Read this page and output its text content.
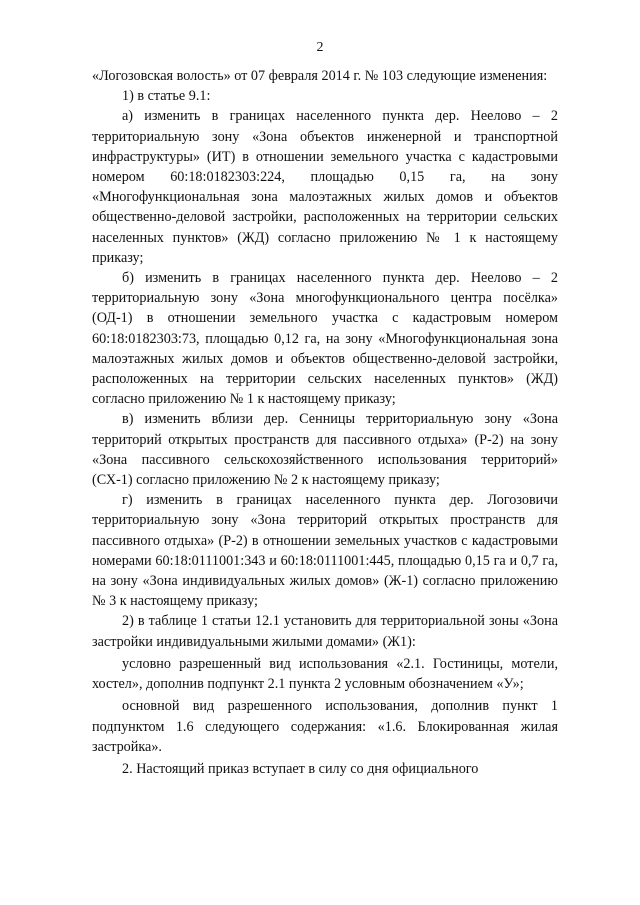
2

«Логозовская волость» от 07 февраля 2014 г. № 103 следующие изменения:

1) в статье 9.1:

а) изменить в границах населенного пункта дер. Неелово – 2 территориальную зону «Зона объектов инженерной и транспортной инфраструктуры» (ИТ) в отношении земельного участка с кадастровыми номером 60:18:0182303:224, площадью 0,15 га, на зону «Многофункциональная зона малоэтажных жилых домов и объектов общественно-деловой застройки, расположенных на территории сельских населенных пунктов» (ЖД) согласно приложению № 1 к настоящему приказу;

б) изменить в границах населенного пункта дер. Неелово – 2 территориальную зону «Зона многофункционального центра посёлка» (ОД-1) в отношении земельного участка с кадастровым номером 60:18:0182303:73, площадью 0,12 га, на зону «Многофункциональная зона малоэтажных жилых домов и объектов общественно-деловой застройки, расположенных на территории сельских населенных пунктов» (ЖД) согласно приложению № 1 к настоящему приказу;

в) изменить вблизи дер. Сенницы территориальную зону «Зона территорий открытых пространств для пассивного отдыха» (Р-2) на зону «Зона пассивного сельскохозяйственного использования территорий» (СХ-1) согласно приложению № 2 к настоящему приказу;

г) изменить в границах населенного пункта дер. Логозовичи территориальную зону «Зона территорий открытых пространств для пассивного отдыха» (Р-2) в отношении земельных участков с кадастровыми номерами 60:18:0111001:343 и 60:18:0111001:445, площадью 0,15 га и 0,7 га, на зону «Зона индивидуальных жилых домов» (Ж-1) согласно приложению № 3 к настоящему приказу;

2) в таблице 1 статьи 12.1 установить для территориальной зоны «Зона застройки индивидуальными жилыми домами» (Ж1):

условно разрешенный вид использования «2.1. Гостиницы, мотели, хостел», дополнив подпункт 2.1 пункта 2 условным обозначением «У»;

основной вид разрешенного использования, дополнив пункт 1 подпунктом 1.6 следующего содержания: «1.6. Блокированная жилая застройка».

2. Настоящий приказ вступает в силу со дня официального
